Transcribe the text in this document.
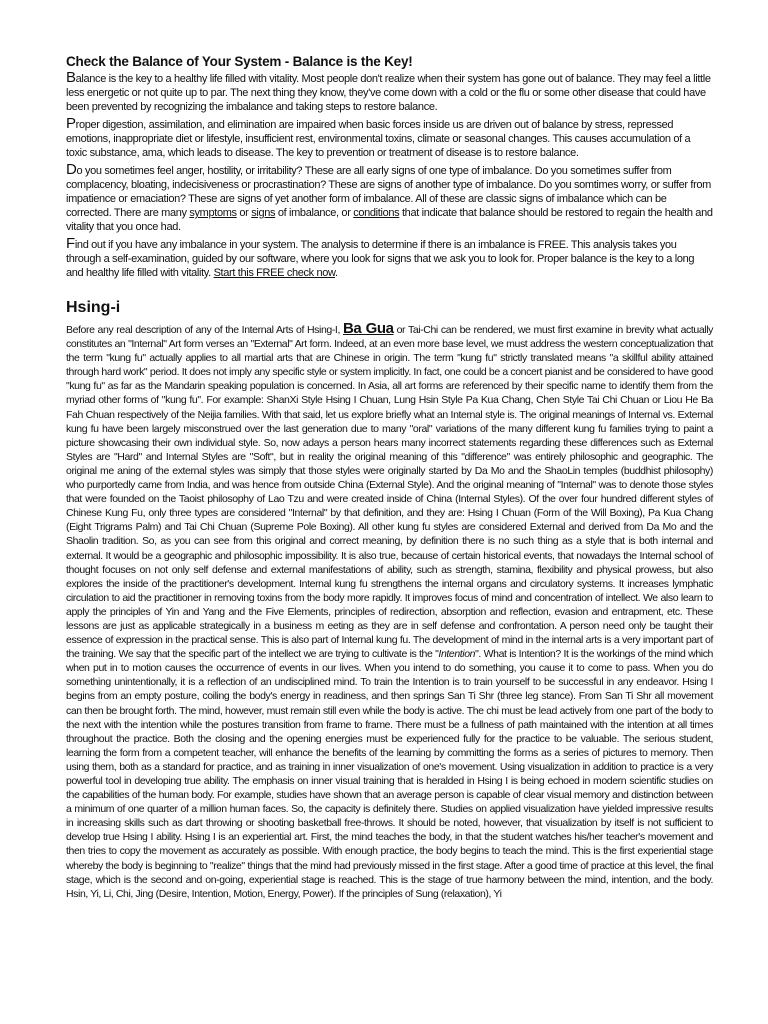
Check the Balance of Your System - Balance is the Key!

Balance is the key to a healthy life filled with vitality. Most people don't realize when their system has gone out of balance. They may feel a little less energetic or not quite up to par. The next thing they know, they've come down with a cold or the flu or some other disease that could have been prevented by recognizing the imbalance and taking steps to restore balance.

Proper digestion, assimilation, and elimination are impaired when basic forces inside us are driven out of balance by stress, repressed emotions, inappropriate diet or lifestyle, insufficient rest, environmental toxins, climate or seasonal changes. This causes accumulation of a toxic substance, ama, which leads to disease. The key to prevention or treatment of disease is to restore balance.

Do you sometimes feel anger, hostility, or irritability? These are all early signs of one type of imbalance. Do you sometimes suffer from complacency, bloating, indecisiveness or procrastination? These are signs of another type of imbalance. Do you somtimes worry, or suffer from impatience or emaciation? These are signs of yet another form of imbalance. All of these are classic signs of imbalance which can be corrected. There are many symptoms or signs of imbalance, or conditions that indicate that balance should be restored to regain the health and vitality that you once had.

Find out if you have any imbalance in your system. The analysis to determine if there is an imbalance is FREE. This analysis takes you through a self-examination, guided by our software, where you look for signs that we ask you to look for. Proper balance is the key to a long and healthy life filled with vitality. Start this FREE check now.

Hsing-i
Before any real description of any of the Internal Arts of Hsing-I, Ba Gua or Tai-Chi can be rendered, we must first examine in brevity what actually constitutes an "Internal" Art form verses an "External" Art form. Indeed, at an even more base level, we must address the western conceptualization that the term "kung fu" actually applies to all martial arts that are Chinese in origin. The term "kung fu" strictly translated means "a skillful ability attained through hard work" period. It does not imply any specific style or system implicitly. In fact, one could be a concert pianist and be considered to have good "kung fu" as far as the Mandarin speaking population is concerned. In Asia, all art forms are referenced by their specific name to identify them from the myriad other forms of "kung fu". For example: ShanXi Style Hsing I Chuan, Lung Hsin Style Pa Kua Chang, Chen Style Tai Chi Chuan or Liou He Ba Fah Chuan respectively of the Neijia families. With that said, let us explore briefly what an Internal style is. The original meanings of Internal vs. External kung fu have been largely misconstrued over the last generation due to many "oral" variations of the many different kung fu families trying to paint a picture showcasing their own individual style. So, now adays a person hears many incorrect statements regarding these differences such as External Styles are "Hard" and Internal Styles are "Soft", but in reality the original meaning of this "difference" was entirely philosophic and geographic. The original me aning of the external styles was simply that those styles were originally started by Da Mo and the ShaoLin temples (buddhist philosophy) who purportedly came from India, and was hence from outside China (External Style). And the original meaning of "Internal" was to denote those styles that were founded on the Taoist philosophy of Lao Tzu and were created inside of China (Internal Styles). Of the over four hundred different styles of Chinese Kung Fu, only three types are considered "Internal" by that definition, and they are: Hsing I Chuan (Form of the Will Boxing), Pa Kua Chang (Eight Trigrams Palm) and Tai Chi Chuan (Supreme Pole Boxing). All other kung fu styles are considered External and derived from Da Mo and the Shaolin tradition. So, as you can see from this original and correct meaning, by definition there is no such thing as a style that is both internal and external. It would be a geographic and philosophic impossibility. It is also true, because of certain historical events, that nowadays the Internal school of thought focuses on not only self defense and external manifestations of ability, such as strength, stamina, flexibility and physical prowess, but also explores the inside of the practitioner's development. Internal kung fu strengthens the internal organs and circulatory systems. It increases lymphatic circulation to aid the practitioner in removing toxins from the body more rapidly. It improves focus of mind and concentration of intellect. We also learn to apply the principles of Yin and Yang and the Five Elements, principles of redirection, absorption and reflection, evasion and entrapment, etc. These lessons are just as applicable strategically in a business m eeting as they are in self defense and confrontation. A person need only be taught their essence of expression in the practical sense. This is also part of Internal kung fu. The development of mind in the internal arts is a very important part of the training. We say that the specific part of the intellect we are trying to cultivate is the "Intention". What is Intention? It is the workings of the mind which when put in to motion causes the occurrence of events in our lives. When you intend to do something, you cause it to come to pass. When you do something unintentionally, it is a reflection of an undisciplined mind. To train the Intention is to train yourself to be successful in any endeavor. Hsing I begins from an empty posture, coiling the body's energy in readiness, and then springs San Ti Shr (three leg stance). From San Ti Shr all movement can then be brought forth. The mind, however, must remain still even while the body is active. The chi must be lead actively from one part of the body to the next with the intention while the postures transition from frame to frame. There must be a fullness of path maintained with the intention at all times throughout the practice. Both the closing and the opening energies must be experienced fully for the practice to be valuable. The serious student, learning the form from a competent teacher, will enhance the benefits of the learning by committing the forms as a series of pictures to memory. Then using them, both as a standard for practice, and as training in inner visualization of one's movement. Using visualization in addition to practice is a very powerful tool in developing true ability. The emphasis on inner visual training that is heralded in Hsing I is being echoed in modern scientific studies on the capabilities of the human body. For example, studies have shown that an average person is capable of clear visual memory and distinction between a minimum of one quarter of a million human faces. So, the capacity is definitely there. Studies on applied visualization have yielded impressive results in increasing skills such as dart throwing or shooting basketball free-throws. It should be noted, however, that visualization by itself is not sufficient to develop true Hsing I ability. Hsing I is an experiential art. First, the mind teaches the body, in that the student watches his/her teacher's movement and then tries to copy the movement as accurately as possible. With enough practice, the body begins to teach the mind. This is the first experiential stage whereby the body is beginning to "realize" things that the mind had previously missed in the first stage. After a good time of practice at this level, the final stage, which is the second and on-going, experiential stage is reached. This is the stage of true harmony between the mind, intention, and the body. Hsin, Yi, Li, Chi, Jing (Desire, Intention, Motion, Energy, Power). If the principles of Sung (relaxation), Yi
